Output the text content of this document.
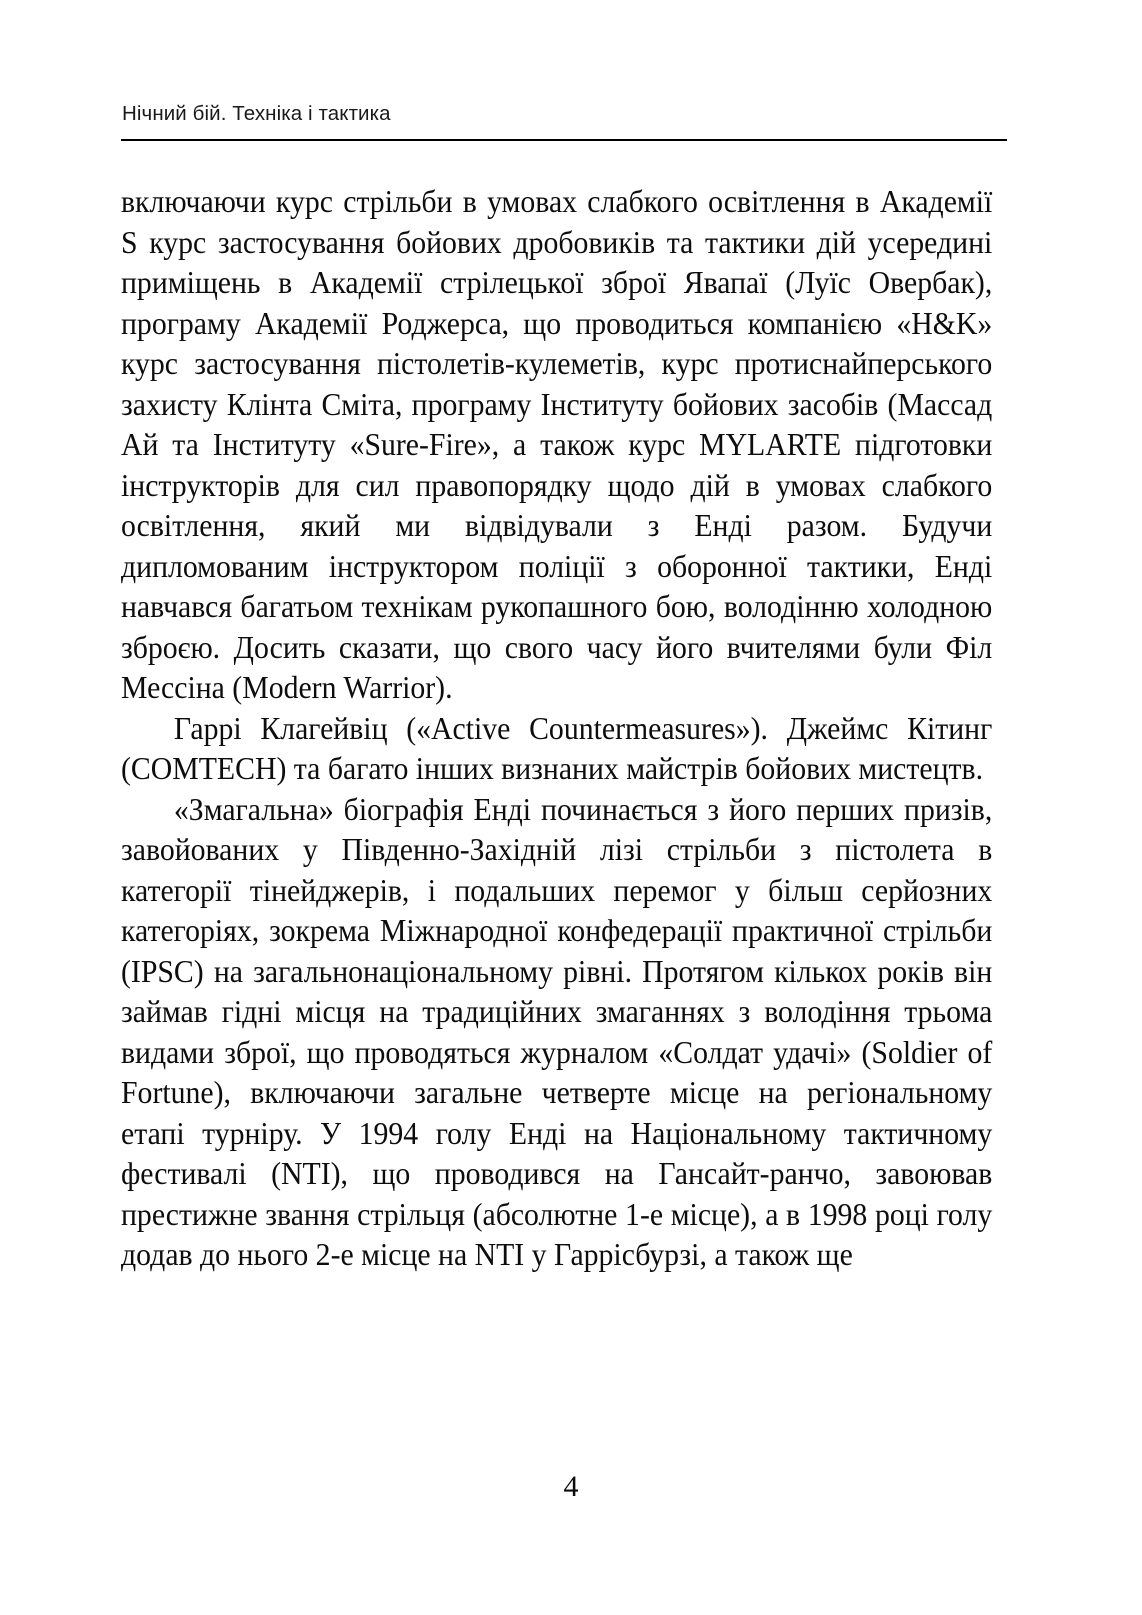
Нічний бій. Техніка і тактика

включаючи курс стрільби в умовах слабкого освітлення в Академії S курс застосування бойових дробовиків та тактики дій усередині приміщень в Академії стрілецької зброї Явапаї (Луїс Овербак), програму Академії Роджерса, що проводиться компанією «H&K» курс застосування пістолетів-кулеметів, курс протиснайперського захисту Клінта Сміта, програму Інституту бойових засобів (Массад Ай та Інституту «Sure-Fire», а також курс MYLARTE підготовки інструкторів для сил правопорядку щодо дій в умовах слабкого освітлення, який ми відвідували з Енді разом. Будучи дипломованим інструктором поліції з оборонної тактики, Енді навчався багатьом технікам рукопашного бою, володінню холодною зброєю. Досить сказати, що свого часу його вчителями були Філ Мессіна (Modern Warrior).

Гаррі Клагейвіц («Active Countermeasures»). Джеймс Кітинг (COMTECH) та багато інших визнаних майстрів бойових мистецтв.

«Змагальна» біографія Енді починається з його перших призів, завойованих у Південно-Західній лізі стрільби з пістолета в категорії тінейджерів, і подальших перемог у більш серйозних категоріях, зокрема Міжнародної конфедерації практичної стрільби (IPSC) на загальнонаціональному рівні. Протягом кількох років він займав гідні місця на традиційних змаганнях з володіння трьома видами зброї, що проводяться журналом «Солдат удачі» (Soldier of Fortune), включаючи загальне четверте місце на регіональному етапі турніру. У 1994 голу Енді на Національному тактичному фестивалі (NTI), що проводився на Гансайт-ранчо, завоював престижне звання стрільця (абсолютне 1-е місце), а в 1998 році голу додав до нього 2-е місце на NTI у Гаррісбурзі, а також ще

4
